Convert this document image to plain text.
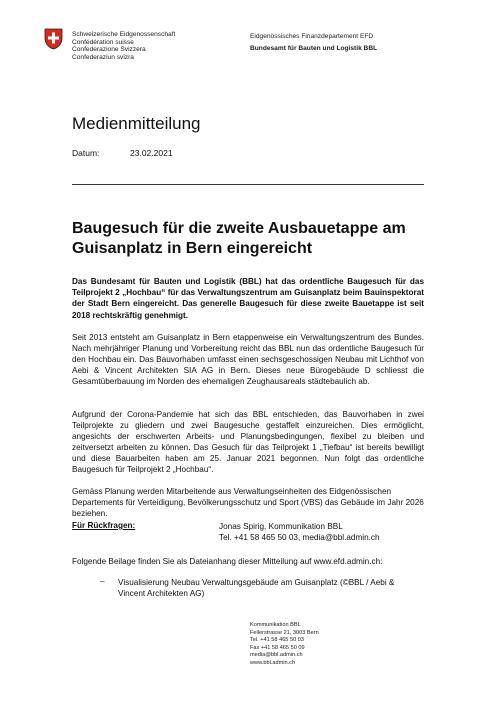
Schweizerische Eidgenossenschaft
Confédération suisse
Confederazione Svizzera
Confederaziun svizra
Eidgenössisches Finanzdepartement EFD
Bundesamt für Bauten und Logistik BBL
Medienmitteilung
Datum:	23.02.2021
Baugesuch für die zweite Ausbauetappe am Guisanplatz in Bern eingereicht
Das Bundesamt für Bauten und Logistik (BBL) hat das ordentliche Baugesuch für das Teilprojekt 2 „Hochbau“ für das Verwaltungszentrum am Guisanplatz beim Bauinspektorat der Stadt Bern eingereicht. Das generelle Baugesuch für diese zweite Bauetappe ist seit 2018 rechtskräftig genehmigt.
Seit 2013 entsteht am Guisanplatz in Bern etappenweise ein Verwaltungszentrum des Bundes. Nach mehrjähriger Planung und Vorbereitung reicht das BBL nun das ordentliche Baugesuch für den Hochbau ein. Das Bauvorhaben umfasst einen sechsgeschossigen Neubau mit Lichthof von Aebi & Vincent Architekten SIA AG in Bern. Dieses neue Bürogebäude D schliesst die Gesamtüberbauung im Norden des ehemaligen Zeughausareals städtebaulich ab.
Aufgrund der Corona-Pandemie hat sich das BBL entschieden, das Bauvorhaben in zwei Teilprojekte zu gliedern und zwei Baugesuche gestaffelt einzureichen. Dies ermöglicht, angesichts der erschwerten Arbeits- und Planungsbedingungen, flexibel zu bleiben und zeitversetzt arbeiten zu können. Das Gesuch für das Teilprojekt 1 „Tiefbau“ ist bereits bewilligt und diese Bauarbeiten haben am 25. Januar 2021 begonnen. Nun folgt das ordentliche Baugesuch für Teilprojekt 2 „Hochbau“.
Gemäss Planung werden Mitarbeitende aus Verwaltungseinheiten des Eidgenössischen Departements für Verteidigung, Bevölkerungsschutz und Sport (VBS) das Gebäude im Jahr 2026 beziehen.
Für Rückfragen:	Jonas Spirig, Kommunikation BBL
Tel. +41 58 465 50 03, media@bbl.admin.ch
Folgende Beilage finden Sie als Dateianhang dieser Mitteilung auf www.efd.admin.ch:
– Visualisierung Neubau Verwaltungsgebäude am Guisanplatz (©BBL / Aebi & Vincent Architekten AG)
Kommunikation BBL
Fellerstrasse 21, 3003 Bern
Tel. +41 58 465 50 03
Fax +41 58 465 50 09
media@bbl.admin.ch
www.bbl.admin.ch
